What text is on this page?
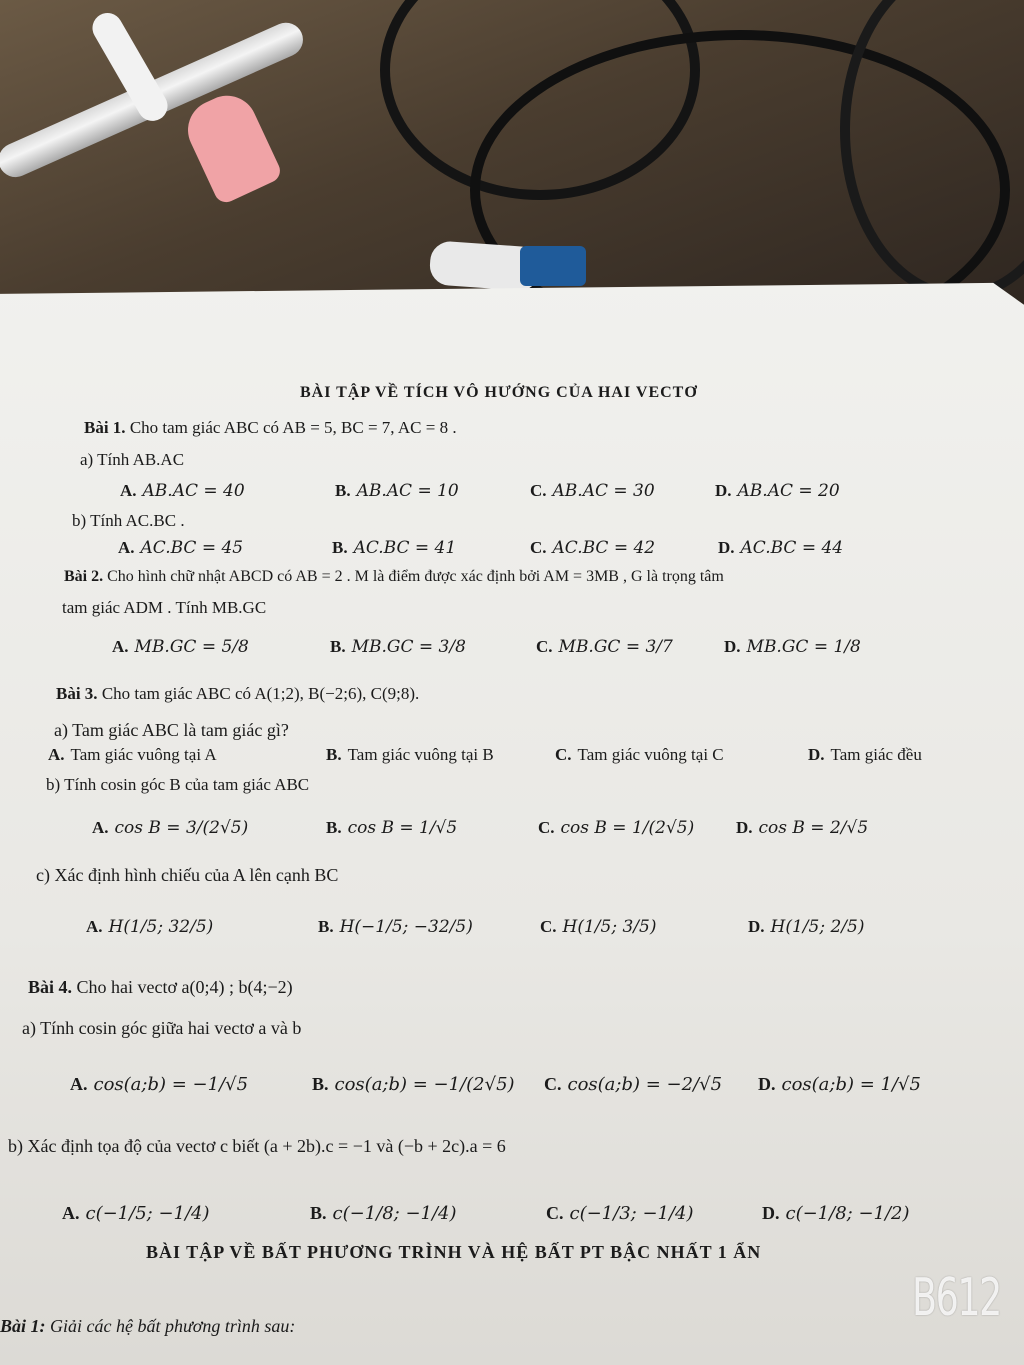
BÀI TẬP VỀ TÍCH VÔ HƯỚNG CỦA HAI VECTƠ
Bài 1. Cho tam giác ABC có AB = 5, BC = 7, AC = 8 .
a) Tính AB.AC
A. AB.AC = 40	B. AB.AC = 10	C. AB.AC = 30	D. AB.AC = 20
b) Tính AC.BC .
A. AC.BC = 45	B. AC.BC = 41	C. AC.BC = 42	D. AC.BC = 44
Bài 2. Cho hình chữ nhật ABCD có AB = 2 . M là điểm được xác định bởi AM = 3MB , G là trọng tâm
tam giác ADM . Tính MB.GC
A. MB.GC = 5/8	B. MB.GC = 3/8	C. MB.GC = 3/7	D. MB.GC = 1/8
Bài 3. Cho tam giác ABC có A(1;2), B(−2;6), C(9;8).
a) Tam giác ABC là tam giác gì?
A. Tam giác vuông tại A	B. Tam giác vuông tại B	C. Tam giác vuông tại C	D. Tam giác đều
b) Tính cosin góc B của tam giác ABC
A. cos B = 3/(2√5)	B. cos B = 1/√5	C. cos B = 1/(2√5) D. cos B = 2/√5
c) Xác định hình chiếu của A lên cạnh BC
A. H(1/5; 32/5)	B. H(−1/5; −32/5)	C. H(1/5; 3/5)	D. H(1/5; 2/5)
Bài 4. Cho hai vectơ a(0;4) ; b(4;−2)
a) Tính cosin góc giữa hai vectơ a và b
A. cos(a;b) = −1/√5	B. cos(a;b) = −1/(2√5) C. cos(a;b) = −2/√5 D. cos(a;b) = 1/√5
b) Xác định tọa độ của vectơ c biết (a + 2b).c = −1 và (−b + 2c).a = 6
A. c(−1/5; −1/4)	B. c(−1/8; −1/4)	C. c(−1/3; −1/4)	D. c(−1/8; −1/2)
BÀI TẬP VỀ BẤT PHƯƠNG TRÌNH VÀ HỆ BẤT PT BẬC NHẤT 1 ẨN
Bài 1: Giải các hệ bất phương trình sau:	B612
